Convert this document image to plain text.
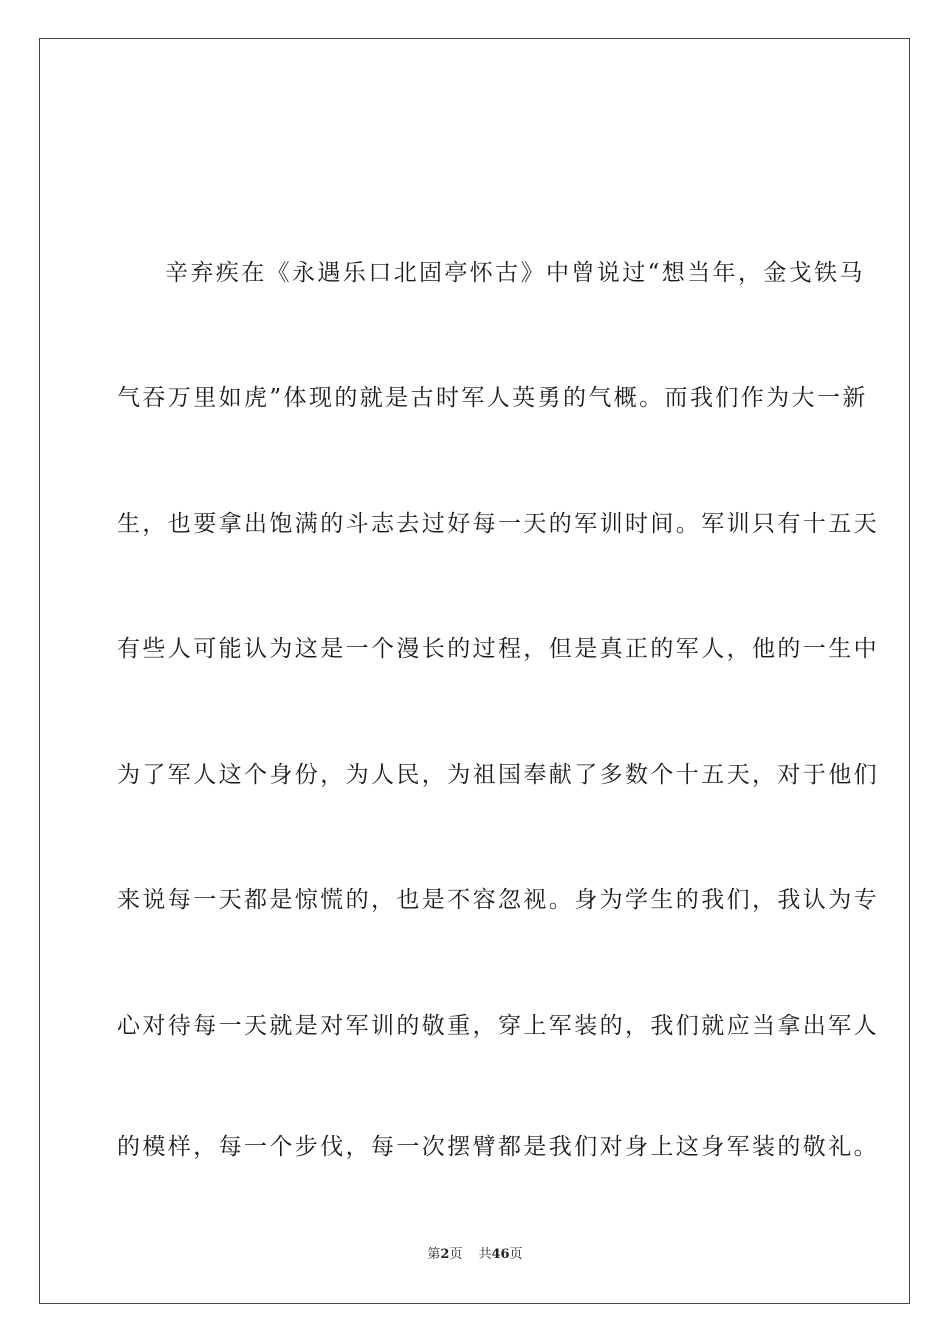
辛弃疾在《永遇乐口北固亭怀古》中曾说过“想当年，金戈铁马
气吞万里如虎”体现的就是古时军人英勇的气概。而我们作为大一新
生，也要拿出饱满的斗志去过好每一天的军训时间。军训只有十五天
有些人可能认为这是一个漫长的过程，但是真正的军人，他的一生中
为了军人这个身份，为人民，为祖国奉献了多数个十五天，对于他们
来说每一天都是惊慌的，也是不容忽视。身为学生的我们，我认为专
心对待每一天就是对军训的敬重，穿上军装的，我们就应当拿出军人
的模样，每一个步伐，每一次摆臂都是我们对身上这身军装的敬礼。
第2页 共46页
